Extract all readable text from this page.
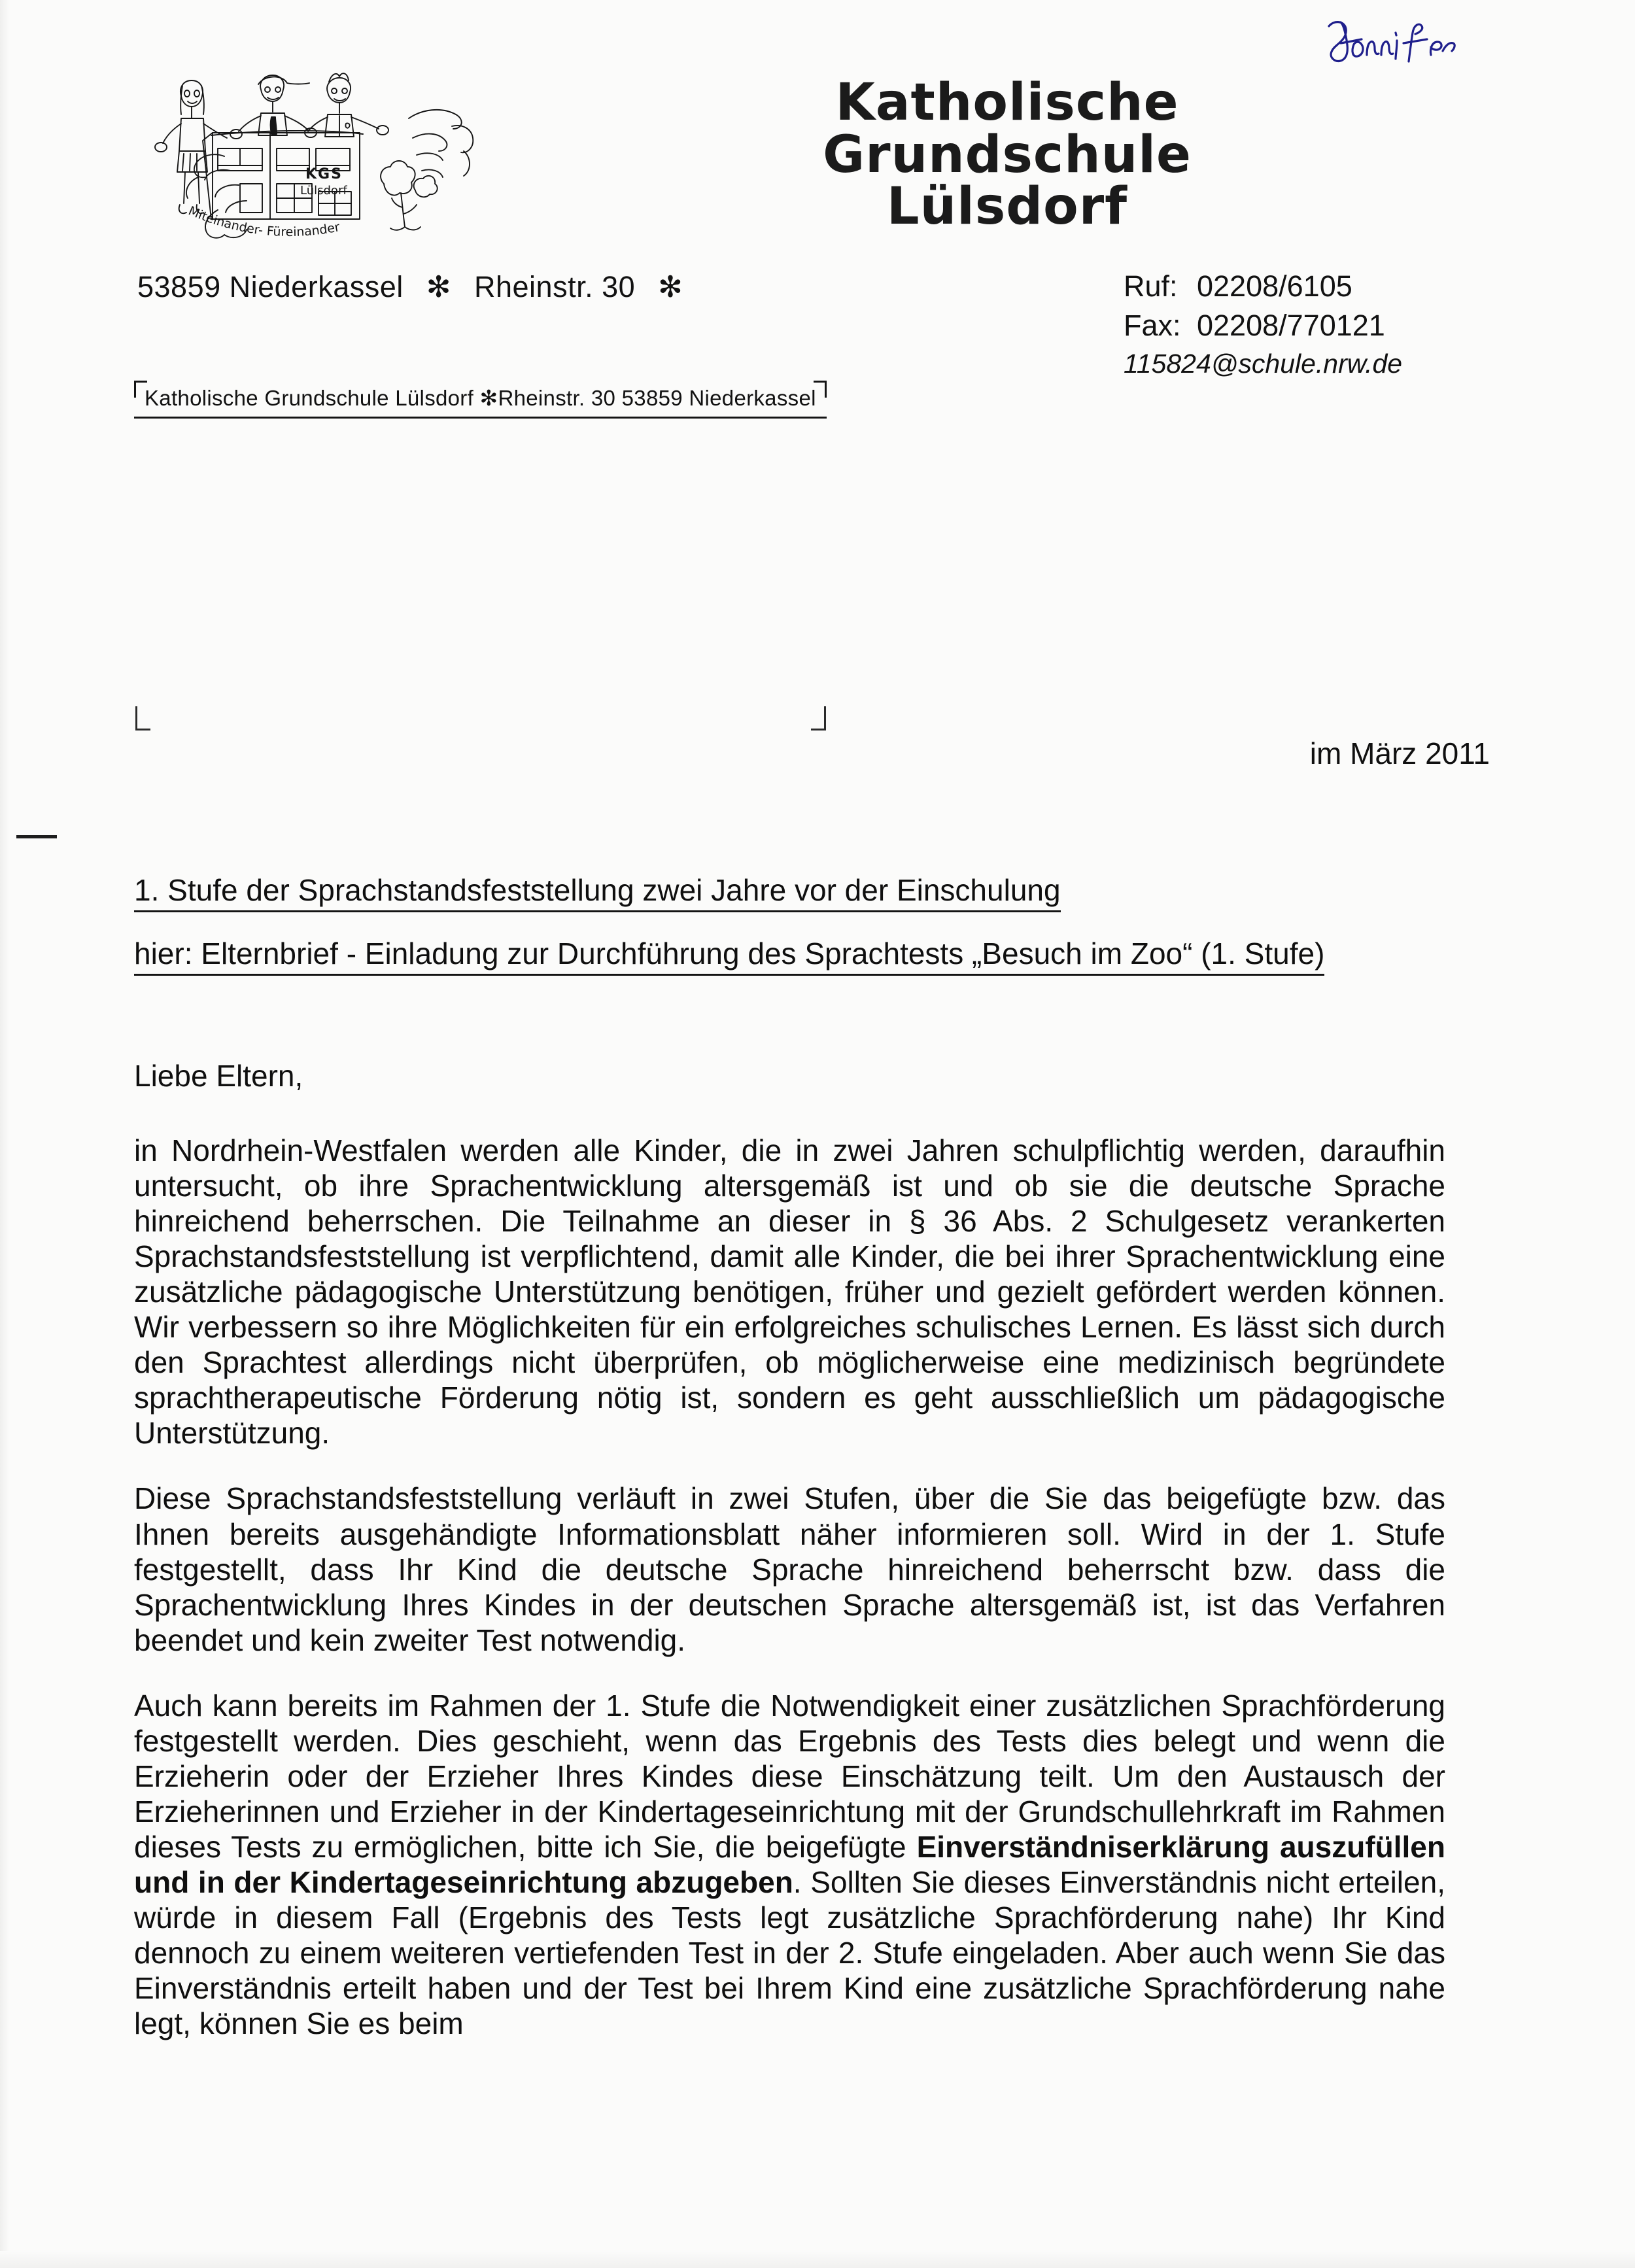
KGS
Lülsdorf
Miteinander- Füreinander
Katholische
Grundschule
Lülsdorf
53859 Niederkassel ✻ Rheinstr. 30 ✻	Ruf: 02208/6105
Fax: 02208/770121
115824@schule.nrw.de
Katholische Grundschule Lülsdorf ✻Rheinstr. 30 53859 Niederkassel
im März 2011
1. Stufe der Sprachstandsfeststellung zwei Jahre vor der Einschulung
hier: Elternbrief - Einladung zur Durchführung des Sprachtests „Besuch im Zoo“ (1. Stufe)

Liebe Eltern,

in Nordrhein-Westfalen werden alle Kinder, die in zwei Jahren schulpflichtig werden, daraufhin untersucht, ob ihre Sprachentwicklung altersgemäß ist und ob sie die deutsche Sprache hinreichend beherrschen. Die Teilnahme an dieser in § 36 Abs. 2 Schulgesetz verankerten Sprachstandsfeststellung ist verpflichtend, damit alle Kinder, die bei ihrer Sprachentwicklung eine zusätzliche pädagogische Unterstützung benötigen, früher und gezielt gefördert werden können. Wir verbessern so ihre Möglichkeiten für ein erfolgreiches schulisches Lernen. Es lässt sich durch den Sprachtest allerdings nicht überprüfen, ob möglicherweise eine medizinisch begründete sprachtherapeutische Förderung nötig ist, sondern es geht ausschließlich um pädagogische Unterstützung.

Diese Sprachstandsfeststellung verläuft in zwei Stufen, über die Sie das beigefügte bzw. das Ihnen bereits ausgehändigte Informationsblatt näher informieren soll. Wird in der 1. Stufe festgestellt, dass Ihr Kind die deutsche Sprache hinreichend beherrscht bzw. dass die Sprachentwicklung Ihres Kindes in der deutschen Sprache altersgemäß ist, ist das Verfahren beendet und kein zweiter Test notwendig.

Auch kann bereits im Rahmen der 1. Stufe die Notwendigkeit einer zusätzlichen Sprachförderung festgestellt werden. Dies geschieht, wenn das Ergebnis des Tests dies belegt und wenn die Erzieherin oder der Erzieher Ihres Kindes diese Einschätzung teilt. Um den Austausch der Erzieherinnen und Erzieher in der Kindertageseinrichtung mit der Grundschullehrkraft im Rahmen dieses Tests zu ermöglichen, bitte ich Sie, die beigefügte Einverständniserklärung auszufüllen und in der Kindertageseinrichtung abzugeben. Sollten Sie dieses Einverständnis nicht erteilen, würde in diesem Fall (Ergebnis des Tests legt zusätzliche Sprachförderung nahe) Ihr Kind dennoch zu einem weiteren vertiefenden Test in der 2. Stufe eingeladen. Aber auch wenn Sie das Einverständnis erteilt haben und der Test bei Ihrem Kind eine zusätzliche Sprachförderung nahe legt, können Sie es beim
